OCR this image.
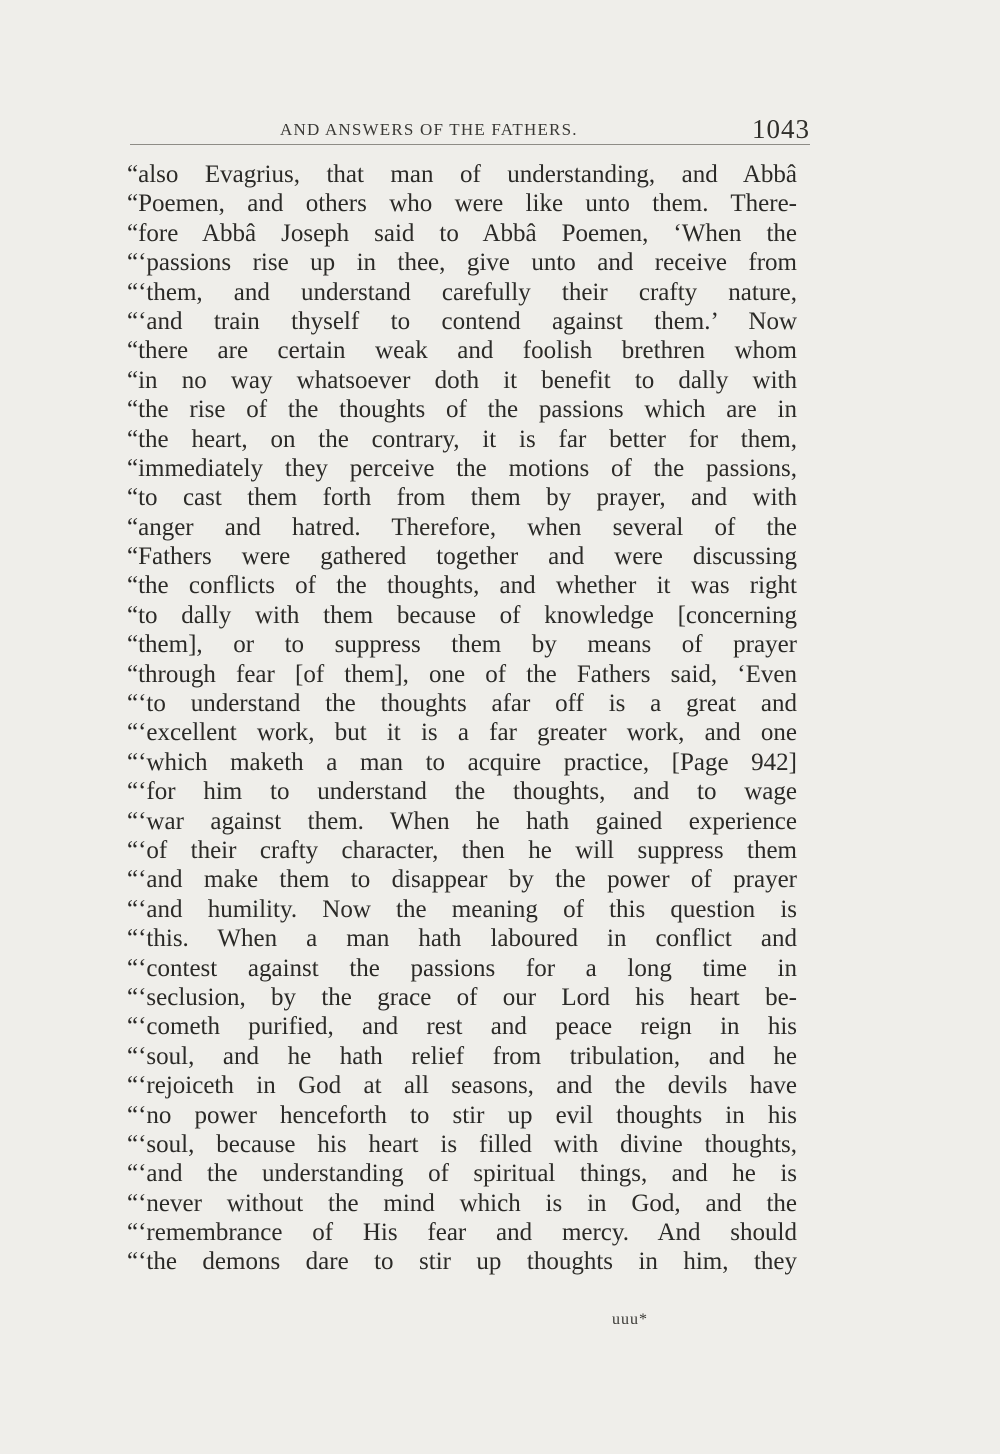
AND ANSWERS OF THE FATHERS.	1043
“also Evagrius, that man of understanding, and Abbâ
“Poemen, and others who were like unto them. There-
“fore Abbâ Joseph said to Abbâ Poemen, ‘When the
“‘passions rise up in thee, give unto and receive from
“‘them, and understand carefully their crafty nature,
“‘and train thyself to contend against them.’ Now
“there are certain weak and foolish brethren whom
“in no way whatsoever doth it benefit to dally with
“the rise of the thoughts of the passions which are in
“the heart, on the contrary, it is far better for them,
“immediately they perceive the motions of the passions,
“to cast them forth from them by prayer, and with
“anger and hatred. Therefore, when several of the
“Fathers were gathered together and were discussing
“the conflicts of the thoughts, and whether it was right
“to dally with them because of knowledge [concerning
“them], or to suppress them by means of prayer
“through fear [of them], one of the Fathers said, ‘Even
“‘to understand the thoughts afar off is a great and
“‘excellent work, but it is a far greater work, and one
“‘which maketh a man to acquire practice, [Page 942]
“‘for him to understand the thoughts, and to wage
“‘war against them. When he hath gained experience
“‘of their crafty character, then he will suppress them
“‘and make them to disappear by the power of prayer
“‘and humility. Now the meaning of this question is
“‘this. When a man hath laboured in conflict and
“‘contest against the passions for a long time in
“‘seclusion, by the grace of our Lord his heart be-
“‘cometh purified, and rest and peace reign in his
“‘soul, and he hath relief from tribulation, and he
“‘rejoiceth in God at all seasons, and the devils have
“‘no power henceforth to stir up evil thoughts in his
“‘soul, because his heart is filled with divine thoughts,
“‘and the understanding of spiritual things, and he is
“‘never without the mind which is in God, and the
“‘remembrance of His fear and mercy. And should
“‘the demons dare to stir up thoughts in him, they
uuu*
